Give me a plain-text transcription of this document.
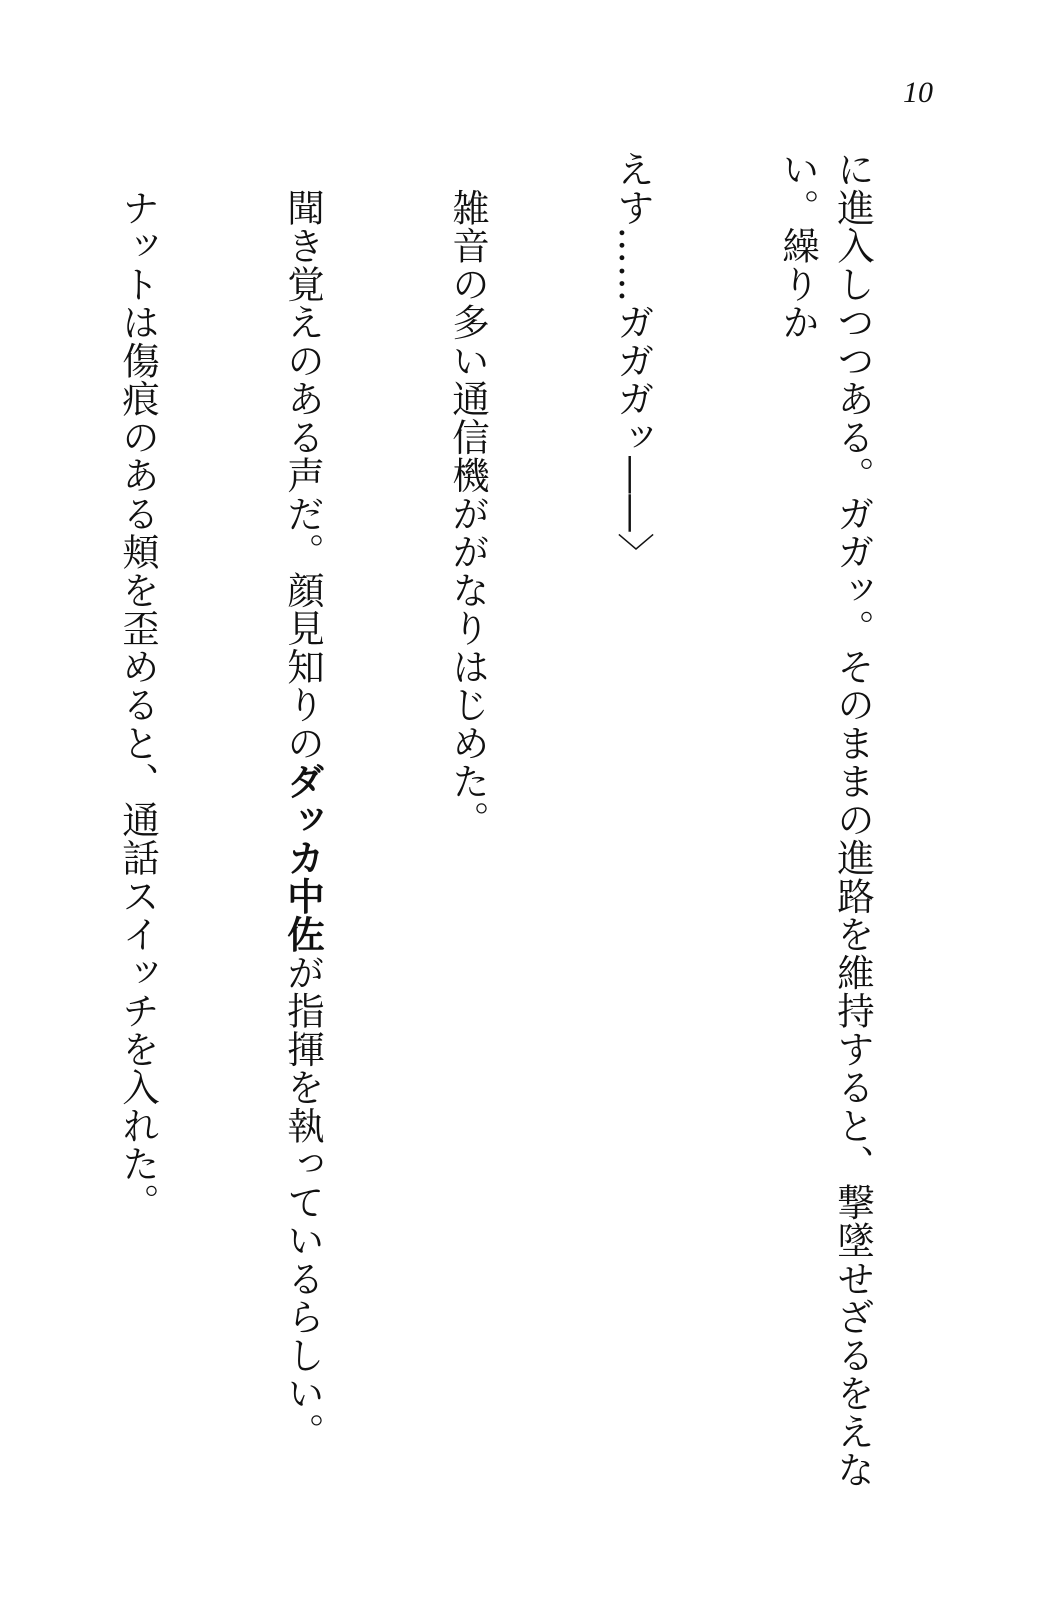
10

に進入しつつある。ガガッ。そのままの進路を維持すると、撃墜せざるをえない。繰りか

えす……ガガガッ――〉

　雑音の多い通信機ががなりはじめた。

　聞き覚えのある声だ。顔見知りのダッカ中佐が指揮を執っているらしい。

　ナットは傷痕のある頬を歪めると、通話スイッチを入れた。
